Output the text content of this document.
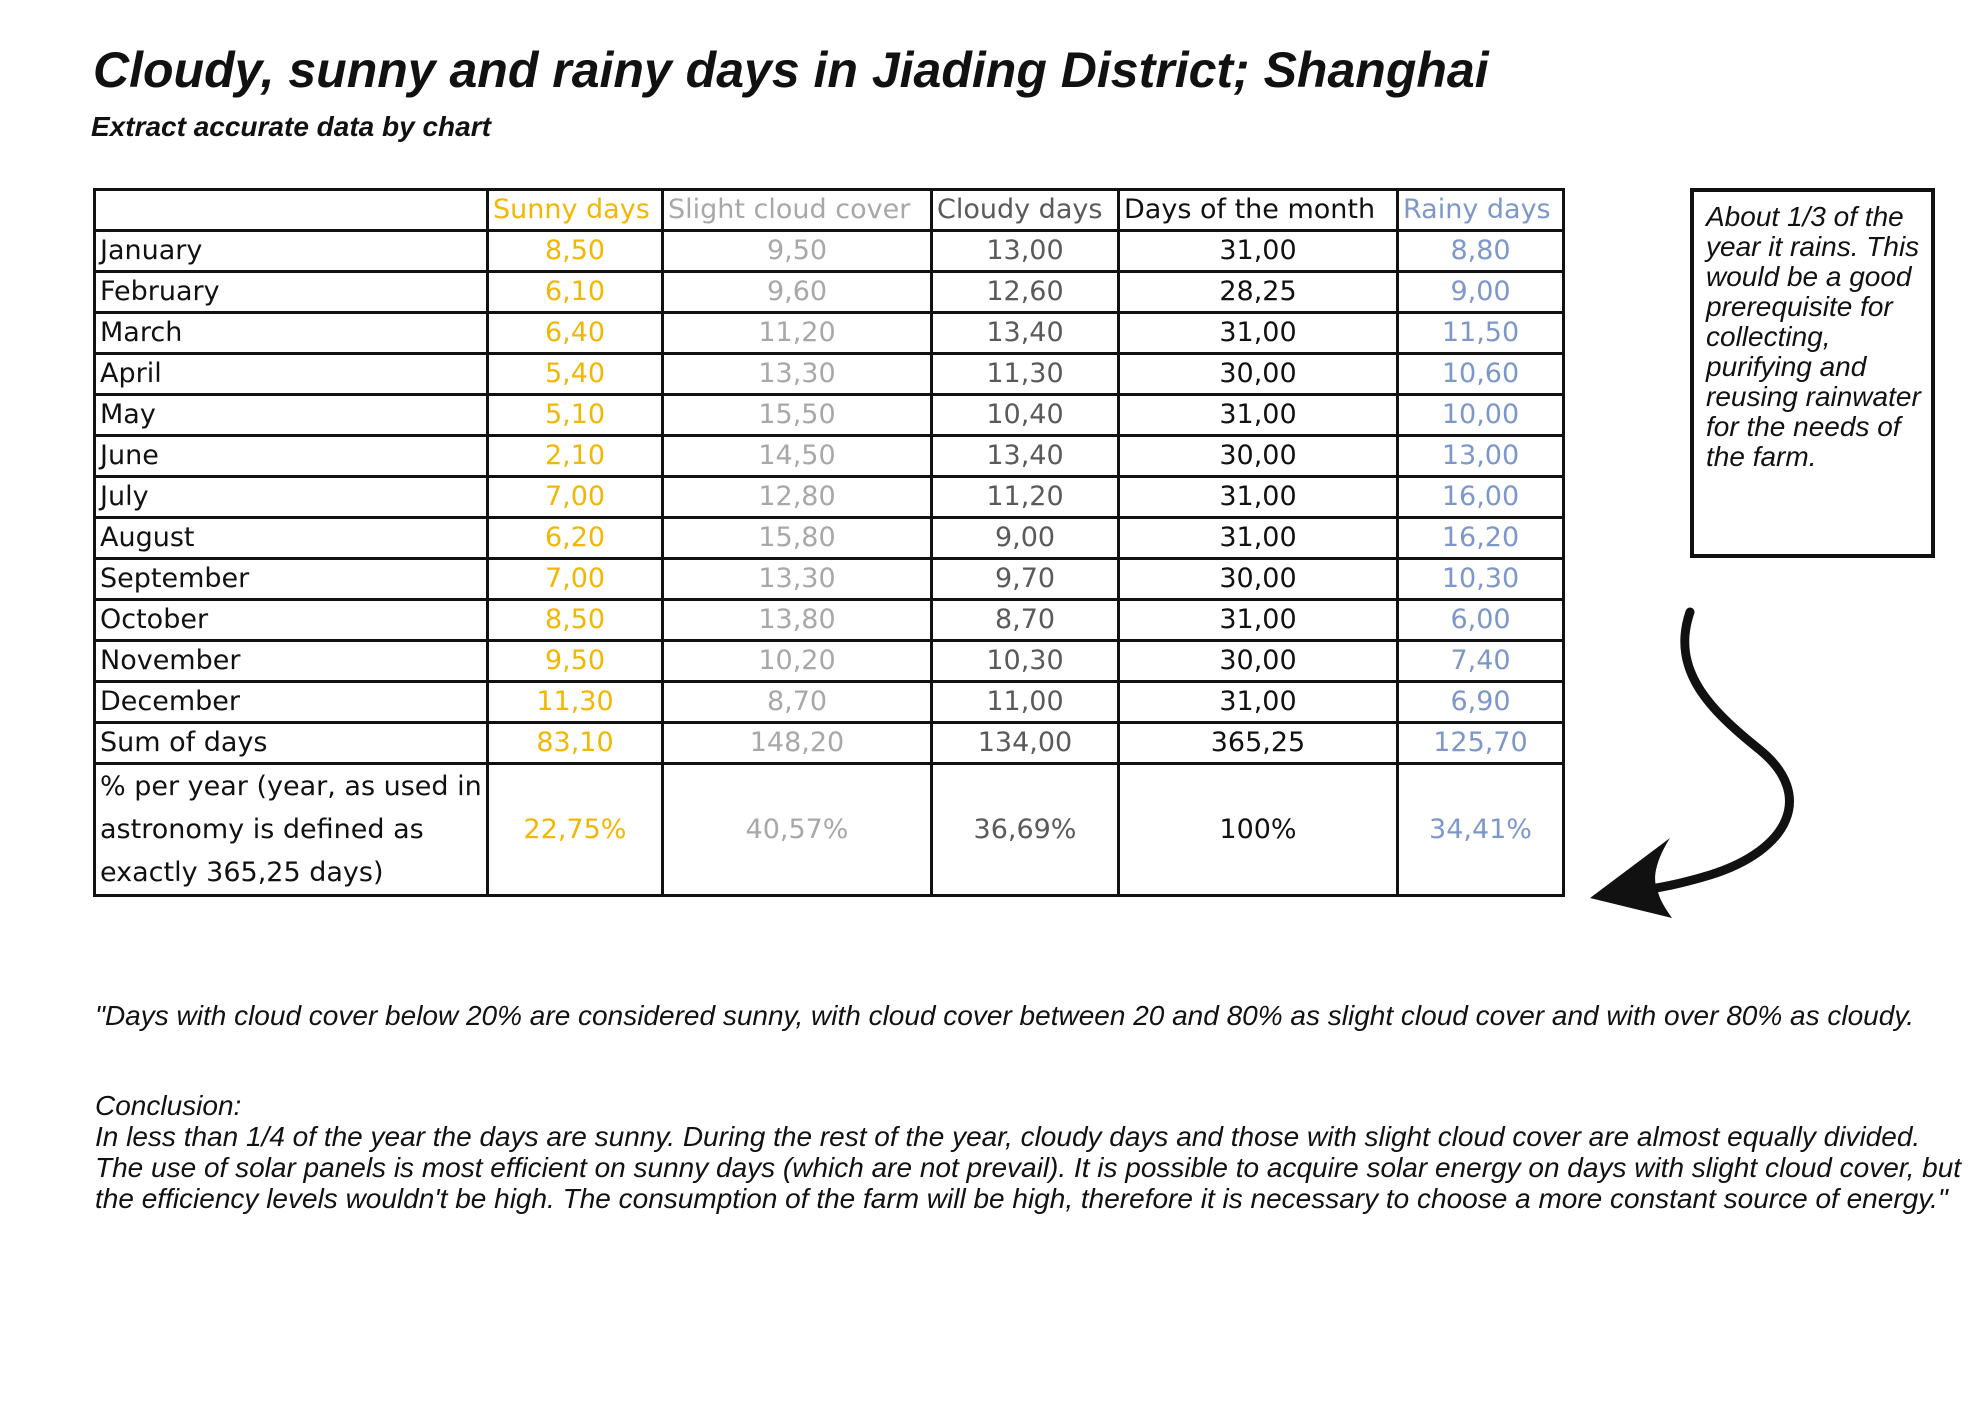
Cloudy, sunny and rainy days in Jiading District; Shanghai
Extract accurate data by chart
	Sunny days	Slight cloud cover	Cloudy days	Days of the month	Rainy days
January	8,50	9,50	13,00	31,00	8,80
February	6,10	9,60	12,60	28,25	9,00
March	6,40	11,20	13,40	31,00	11,50
April	5,40	13,30	11,30	30,00	10,60
May	5,10	15,50	10,40	31,00	10,00
June	2,10	14,50	13,40	30,00	13,00
July	7,00	12,80	11,20	31,00	16,00
August	6,20	15,80	9,00	31,00	16,20
September	7,00	13,30	9,70	30,00	10,30
October	8,50	13,80	8,70	31,00	6,00
November	9,50	10,20	10,30	30,00	7,40
December	11,30	8,70	11,00	31,00	6,90
Sum of days	83,10	148,20	134,00	365,25	125,70
% per year (year, as used in astronomy is defined as exactly 365,25 days)	22,75%	40,57%	36,69%	100%	34,41%
About 1/3 of the year it rains. This would be a good prerequisite for collecting, purifying and reusing rainwater for the needs of the farm.

"Days with cloud cover below 20% are considered sunny, with cloud cover between 20 and 80% as slight cloud cover and with over 80% as cloudy.

Conclusion:

In less than 1/4 of the year the days are sunny. During the rest of the year, cloudy days and those with slight cloud cover are almost equally divided. The use of solar panels is most efficient on sunny days (which are not prevail). It is possible to acquire solar energy on days with slight cloud cover, but the efficiency levels wouldn't be high. The consumption of the farm will be high, therefore it is necessary to choose a more constant source of energy."
